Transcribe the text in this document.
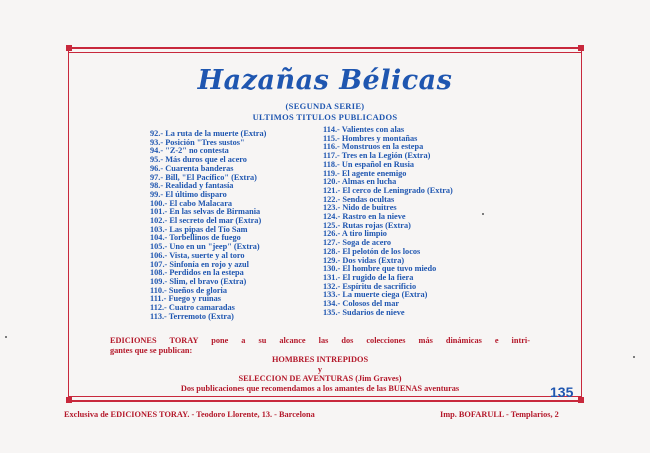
Hazañas Bélicas
(SEGUNDA SERIE)
ULTIMOS TITULOS PUBLICADOS
92.- La ruta de la muerte (Extra)
93.- Posición "Tres sustos"
94.- "Z-2" no contesta
95.- Más duros que el acero
96.- Cuarenta banderas
97.- Bill, "El Pacífico" (Extra)
98.- Realidad y fantasía
99.- El último disparo
100.- El cabo Malacara
101.- En las selvas de Birmania
102.- El secreto del mar (Extra)
103.- Las pipas del Tío Sam
104.- Torbellinos de fuego
105.- Uno en un "jeep" (Extra)
106.- Vista, suerte y al toro
107.- Sinfonía en rojo y azul
108.- Perdidos en la estepa
109.- Slim, el bravo (Extra)
110.- Sueños de gloria
111.- Fuego y ruinas
112.- Cuatro camaradas
113.- Terremoto (Extra)
114.- Valientes con alas
115.- Hombres y montañas
116.- Monstruos en la estepa
117.- Tres en la Legión (Extra)
118.- Un español en Rusia
119.- El agente enemigo
120.- Almas en lucha
121.- El cerco de Leningrado (Extra)
122.- Sendas ocultas
123.- Nido de buitres
124.- Rastro en la nieve
125.- Rutas rojas (Extra)
126.- A tiro limpio
127.- Soga de acero
128.- El pelotón de los locos
129.- Dos vidas (Extra)
130.- El hombre que tuvo miedo
131.- El rugido de la fiera
132.- Espíritu de sacrificio
133.- La muerte ciega (Extra)
134.- Colosos del mar
135.- Sudarios de nieve
EDICIONES TORAY pone a su alcance las dos colecciones más dinámicas e intri-
gantes que se publican:
HOMBRES INTREPIDOS
y
SELECCION DE AVENTURAS (Jim Graves)
Dos publicaciones que recomendamos a los amantes de las BUENAS aventuras	135
Exclusiva de EDICIONES TORAY. - Teodoro Llorente, 13. - Barcelona	Imp. BOFARULL - Templarios, 2
